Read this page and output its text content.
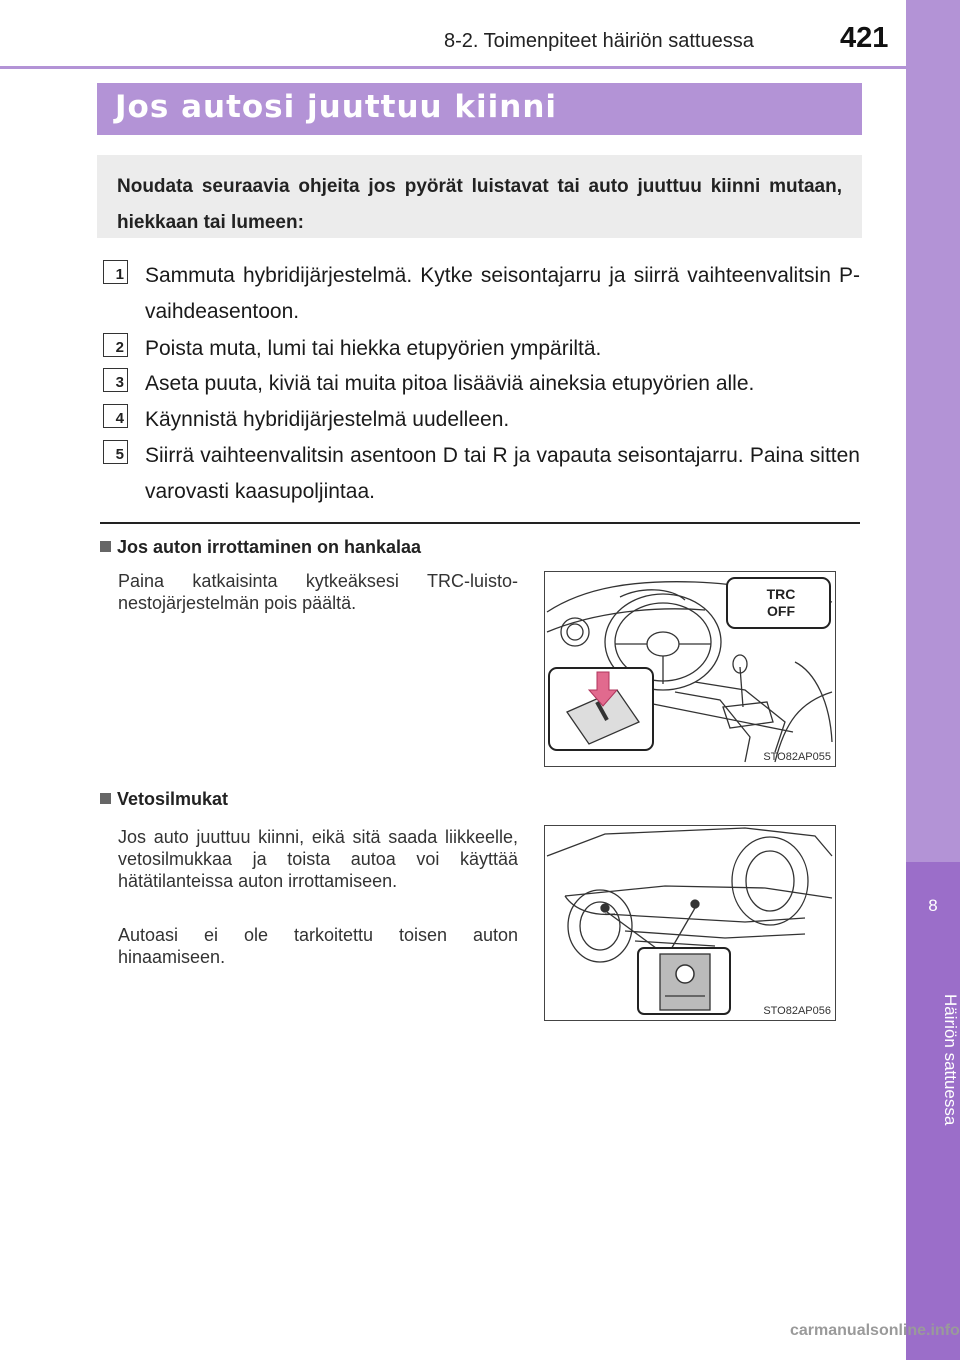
8-2. Toimenpiteet häiriön sattuessa	421
8
Häiriön sattuessa
Jos autosi juuttuu kiinni
Noudata seuraavia ohjeita jos pyörät luistavat tai auto juuttuu kiinni mutaan, hiekkaan tai lumeen:
1 Sammuta hybridijärjestelmä. Kytke seisontajarru ja siirrä vaihteenvalitsin P-vaihdeasentoon.
2 Poista muta, lumi tai hiekka etupyörien ympäriltä.
3 Aseta puuta, kiviä tai muita pitoa lisääviä aineksia etupyörien alle.
4 Käynnistä hybridijärjestelmä uudelleen.
5 Siirrä vaihteenvalitsin asentoon D tai R ja vapauta seisontajarru. Paina sitten varovasti kaasupoljintaa.
Jos auton irrottaminen on hankalaa
Paina katkaisinta kytkeäksesi TRC-luistonestojärjestelmän pois päältä.	TRC
OFF
STO82AP055
Vetosilmukat
Jos auto juuttuu kiinni, eikä sitä saada liikkeelle, vetosilmukkaa ja toista autoa voi käyttää hätätilanteissa auton irrottamiseen.
Autoasi ei ole tarkoitettu toisen auton hinaamiseen.
STO82AP056
carmanualsonline.info
